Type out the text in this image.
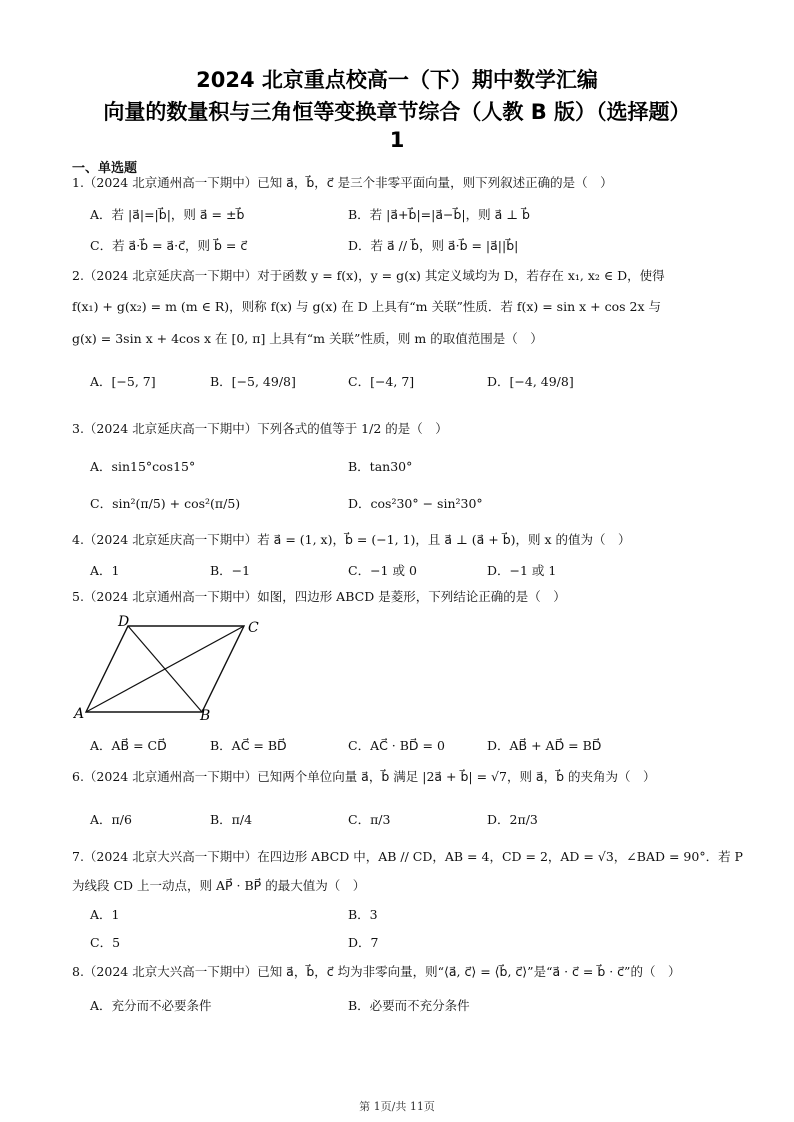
2024 北京重点校高一（下）期中数学汇编
向量的数量积与三角恒等变换章节综合（人教 B 版）（选择题）
1
一、单选题
1.（2024 北京通州高一下期中）已知 a⃗，b⃗，c⃗ 是三个非零平面向量，则下列叙述正确的是（　）
A．若 |a⃗|=|b⃗|，则 a⃗ = ±b⃗	B．若 |a⃗+b⃗|=|a⃗−b⃗|，则 a⃗ ⊥ b⃗
C．若 a⃗·b⃗ = a⃗·c⃗，则 b⃗ = c⃗	D．若 a⃗ // b⃗，则 a⃗·b⃗ = |a⃗||b⃗|
2.（2024 北京延庆高一下期中）对于函数 y = f(x)，y = g(x) 其定义域均为 D，若存在 x₁, x₂ ∈ D，使得
f(x₁) + g(x₂) = m (m ∈ R)，则称 f(x) 与 g(x) 在 D 上具有“m 关联”性质．若 f(x) = sin x + cos 2x 与
g(x) = 3sin x + 4cos x 在 [0, π] 上具有“m 关联”性质，则 m 的取值范围是（　）
A．[−5, 7]	B．[−5, 49/8]	C．[−4, 7]	D．[−4, 49/8]
3.（2024 北京延庆高一下期中）下列各式的值等于 1/2 的是（　）
A．sin15°cos15°	B．tan30°
C．sin²(π/5) + cos²(π/5)	D．cos²30° − sin²30°
4.（2024 北京延庆高一下期中）若 a⃗ = (1, x)，b⃗ = (−1, 1)，且 a⃗ ⊥ (a⃗ + b⃗)，则 x 的值为（　）
A．1	B．−1	C．−1 或 0	D．−1 或 1
5.（2024 北京通州高一下期中）如图，四边形 ABCD 是菱形，下列结论正确的是（　）
D	C
A	B
A．AB⃗ = CD⃗	B．AC⃗ = BD⃗	C．AC⃗ · BD⃗ = 0	D．AB⃗ + AD⃗ = BD⃗
6.（2024 北京通州高一下期中）已知两个单位向量 a⃗，b⃗ 满足 |2a⃗ + b⃗| = √7，则 a⃗，b⃗ 的夹角为（　）
A．π/6	B．π/4	C．π/3	D．2π/3
7.（2024 北京大兴高一下期中）在四边形 ABCD 中，AB // CD，AB = 4，CD = 2，AD = √3，∠BAD = 90°．若 P
为线段 CD 上一动点，则 AP⃗ · BP⃗ 的最大值为（　）
A．1	B．3
C．5	D．7
8.（2024 北京大兴高一下期中）已知 a⃗，b⃗，c⃗ 均为非零向量，则“⟨a⃗, c⃗⟩ = ⟨b⃗, c⃗⟩”是“a⃗ · c⃗ = b⃗ · c⃗”的（　）
A．充分而不必要条件	B．必要而不充分条件
第 1页/共 11页
